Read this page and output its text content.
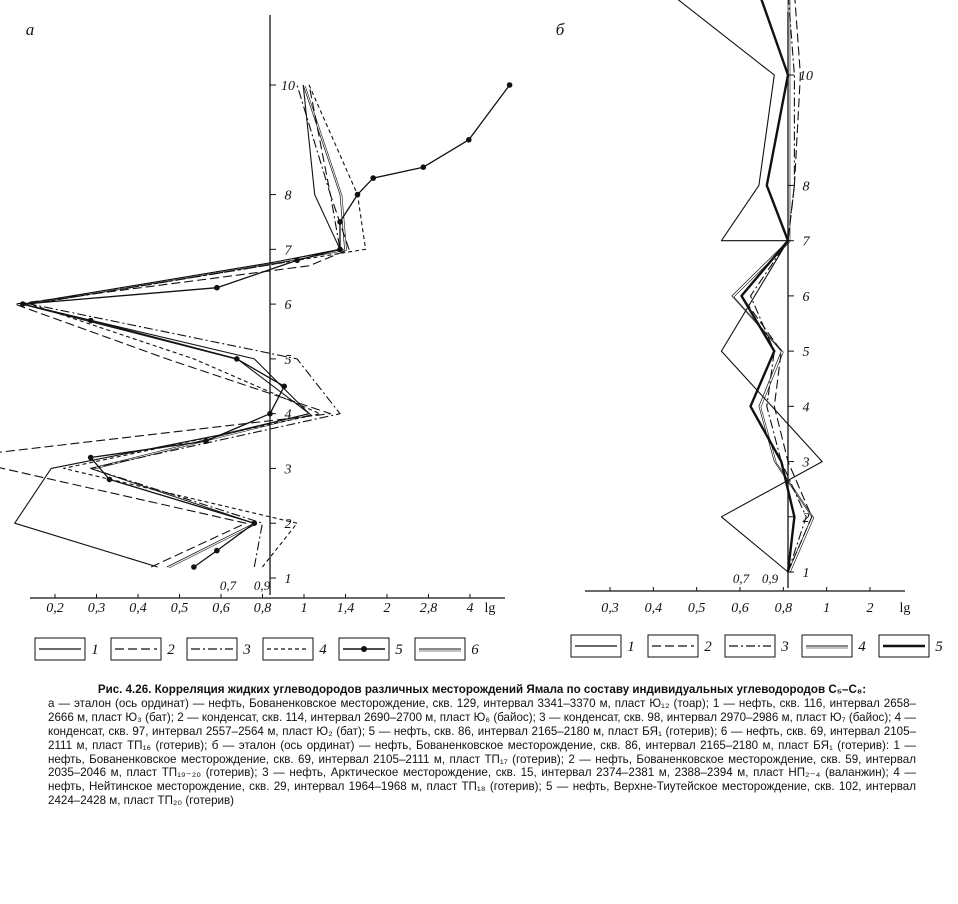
а
1
2
3
4
5
6
7
8
10
0,2 0,3 0,4 0,5 0,6 0,8 1 1,4 2 2,8 4 lg
0,7 0,9
1	2	3	4	5	6
б
1
2
3
4
5
6
7
8
10
0,3 0,4 0,5 0,6 0,8 1	2 lg
0,7 0,9
1	2	3	4	5
Рис. 4.26. Корреляция жидких углеводородов различных месторождений Ямала по составу индивидуальных углеводородов C₅–C₈:
а — эталон (ось ординат) — нефть, Бованенковское месторождение, скв. 129, интервал 3341–3370 м, пласт Ю₁₂ (тоар); 1 — нефть, скв. 116, интервал 2658–2666 м, пласт Ю₃ (бат); 2 — конденсат, скв. 114, интервал 2690–2700 м, пласт Ю₆ (байос); 3 — конденсат, скв. 98, интервал 2970–2986 м, пласт Ю₇ (байос); 4 — конденсат, скв. 97, интервал 2557–2564 м, пласт Ю₂ (бат); 5 — нефть, скв. 86, интервал 2165–2180 м, пласт БЯ₁ (готерив); 6 — нефть, скв. 69, интервал 2105–2111 м, пласт ТП₁₆ (готерив); б — эталон (ось ординат) — нефть, Бованенковское месторождение, скв. 86, интервал 2165–2180 м, пласт БЯ₁ (готерив): 1 — нефть, Бованенковское месторождение, скв. 69, интервал 2105–2111 м, пласт ТП₁₇ (готерив); 2 — нефть, Бованенковское месторождение, скв. 59, интервал 2035–2046 м, пласт ТП₁₉₋₂₀ (готерив); 3 — нефть, Арктическое месторождение, скв. 15, интервал 2374–2381 м, 2388–2394 м, пласт НП₂₋₄ (валанжин); 4 — нефть, Нейтинское месторождение, скв. 29, интервал 1964–1968 м, пласт ТП₁₈ (готерив); 5 — нефть, Верхне-Тиутейское месторождение, скв. 102, интервал 2424–2428 м, пласт ТП₂₀ (готерив)
